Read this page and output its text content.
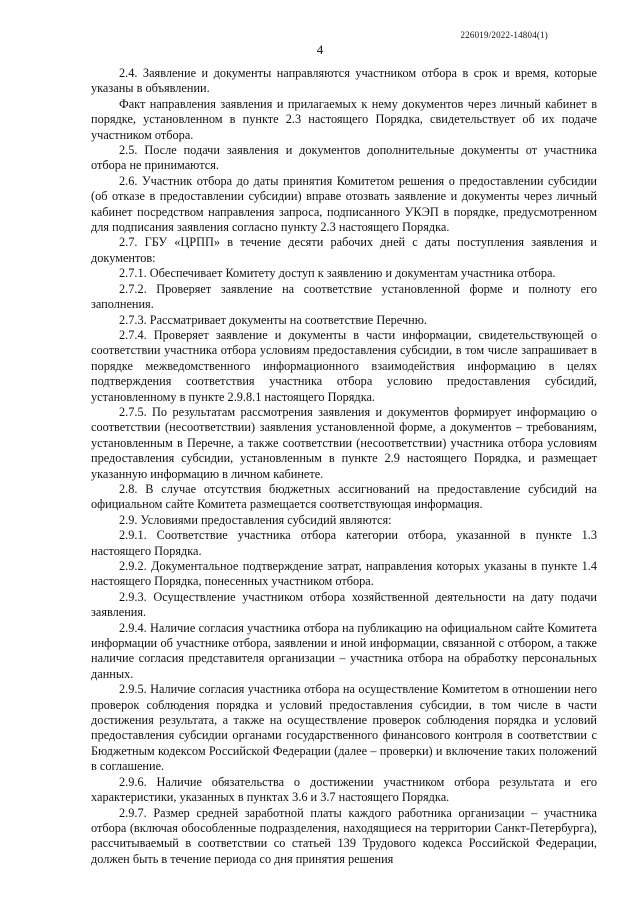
226019/2022-14804(1)
4

2.4. Заявление и документы направляются участником отбора в срок и время, которые указаны в объявлении.

Факт направления заявления и прилагаемых к нему документов через личный кабинет в порядке, установленном в пункте 2.3 настоящего Порядка, свидетельствует об их подаче участником отбора.

2.5. После подачи заявления и документов дополнительные документы от участника отбора не принимаются.

2.6. Участник отбора до даты принятия Комитетом решения о предоставлении субсидии (об отказе в предоставлении субсидии) вправе отозвать заявление и документы через личный кабинет посредством направления запроса, подписанного УКЭП в порядке, предусмотренном для подписания заявления согласно пункту 2.3 настоящего Порядка.

2.7. ГБУ «ЦРПП» в течение десяти рабочих дней с даты поступления заявления и документов:

2.7.1. Обеспечивает Комитету доступ к заявлению и документам участника отбора.

2.7.2. Проверяет заявление на соответствие установленной форме и полноту его заполнения.

2.7.3. Рассматривает документы на соответствие Перечню.

2.7.4. Проверяет заявление и документы в части информации, свидетельствующей о соответствии участника отбора условиям предоставления субсидии, в том числе запрашивает в порядке межведомственного информационного взаимодействия информацию в целях подтверждения соответствия участника отбора условию предоставления субсидий, установленному в пункте 2.9.8.1 настоящего Порядка.

2.7.5. По результатам рассмотрения заявления и документов формирует информацию о соответствии (несоответствии) заявления установленной форме, а документов – требованиям, установленным в Перечне, а также соответствии (несоответствии) участника отбора условиям предоставления субсидии, установленным в пункте 2.9 настоящего Порядка, и размещает указанную информацию в личном кабинете.

2.8. В случае отсутствия бюджетных ассигнований на предоставление субсидий на официальном сайте Комитета размещается соответствующая информация.

2.9. Условиями предоставления субсидий являются:

2.9.1. Соответствие участника отбора категории отбора, указанной в пункте 1.3 настоящего Порядка.

2.9.2. Документальное подтверждение затрат, направления которых указаны в пункте 1.4 настоящего Порядка, понесенных участником отбора.

2.9.3. Осуществление участником отбора хозяйственной деятельности на дату подачи заявления.

2.9.4. Наличие согласия участника отбора на публикацию на официальном сайте Комитета информации об участнике отбора, заявлении и иной информации, связанной с отбором, а также наличие согласия представителя организации – участника отбора на обработку персональных данных.

2.9.5. Наличие согласия участника отбора на осуществление Комитетом в отношении него проверок соблюдения порядка и условий предоставления субсидии, в том числе в части достижения результата, а также на осуществление проверок соблюдения порядка и условий предоставления субсидии органами государственного финансового контроля в соответствии с Бюджетным кодексом Российской Федерации (далее – проверки) и включение таких положений в соглашение.

2.9.6. Наличие обязательства о достижении участником отбора результата и его характеристики, указанных в пунктах 3.6 и 3.7 настоящего Порядка.

2.9.7. Размер средней заработной платы каждого работника организации – участника отбора (включая обособленные подразделения, находящиеся на территории Санкт-Петербурга), рассчитываемый в соответствии со статьей 139 Трудового кодекса Российской Федерации, должен быть в течение периода со дня принятия решения
